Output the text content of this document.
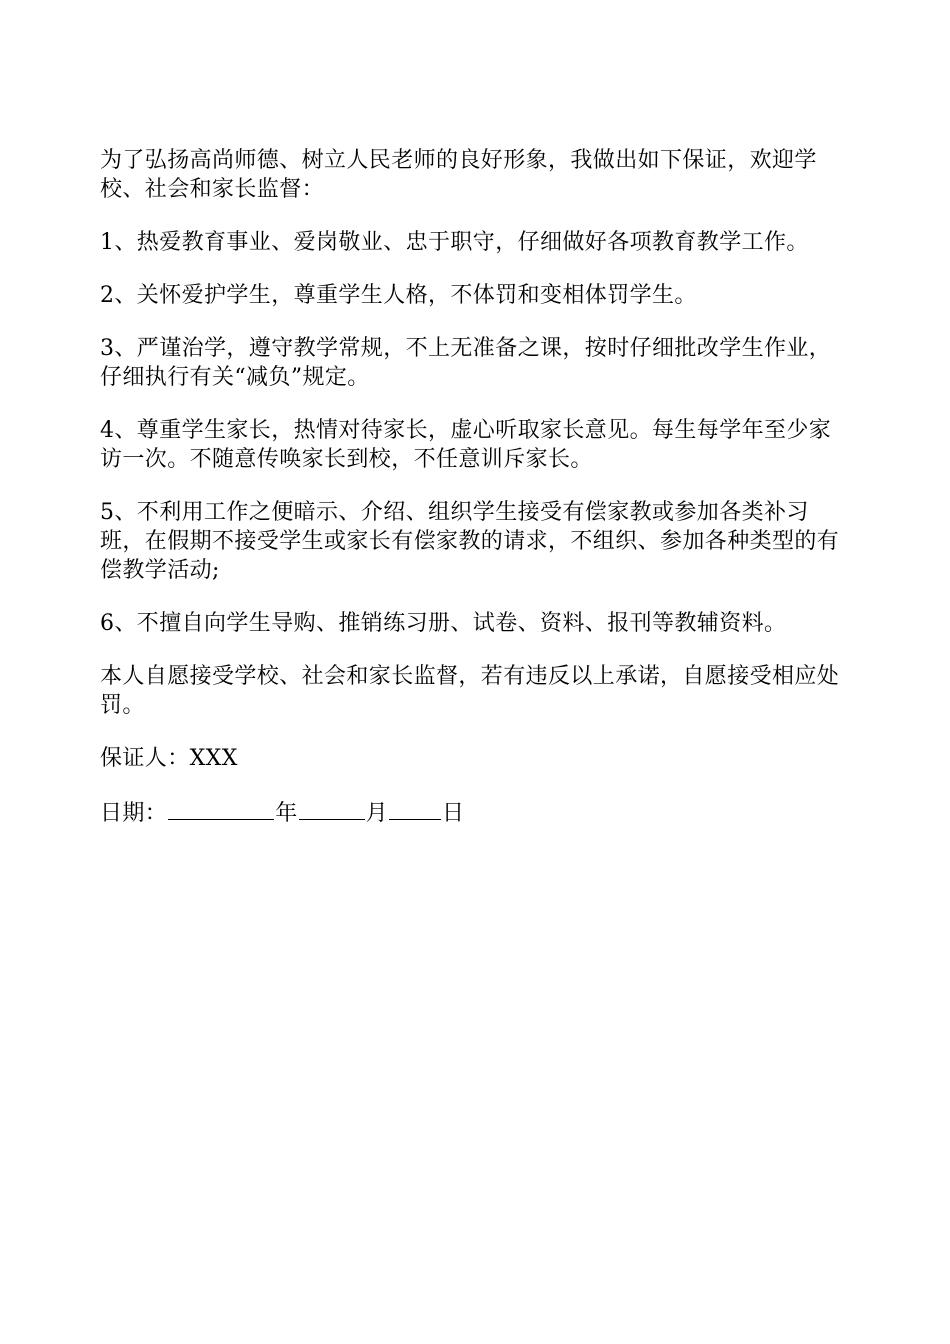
为了弘扬高尚师德、树立人民老师的良好形象，我做出如下保证，欢迎学校、社会和家长监督：

1、热爱教育事业、爱岗敬业、忠于职守，仔细做好各项教育教学工作。

2、关怀爱护学生，尊重学生人格，不体罚和变相体罚学生。

3、严谨治学，遵守教学常规，不上无准备之课，按时仔细批改学生作业，仔细执行有关“减负”规定。

4、尊重学生家长，热情对待家长，虚心听取家长意见。每生每学年至少家访一次。不随意传唤家长到校，不任意训斥家长。

5、不利用工作之便暗示、介绍、组织学生接受有偿家教或参加各类补习班，在假期不接受学生或家长有偿家教的请求，不组织、参加各种类型的有偿教学活动;

6、不擅自向学生导购、推销练习册、试卷、资料、报刊等教辅资料。

本人自愿接受学校、社会和家长监督，若有违反以上承诺，自愿接受相应处罚。

保证人：XXX

日期：	年	月 日
